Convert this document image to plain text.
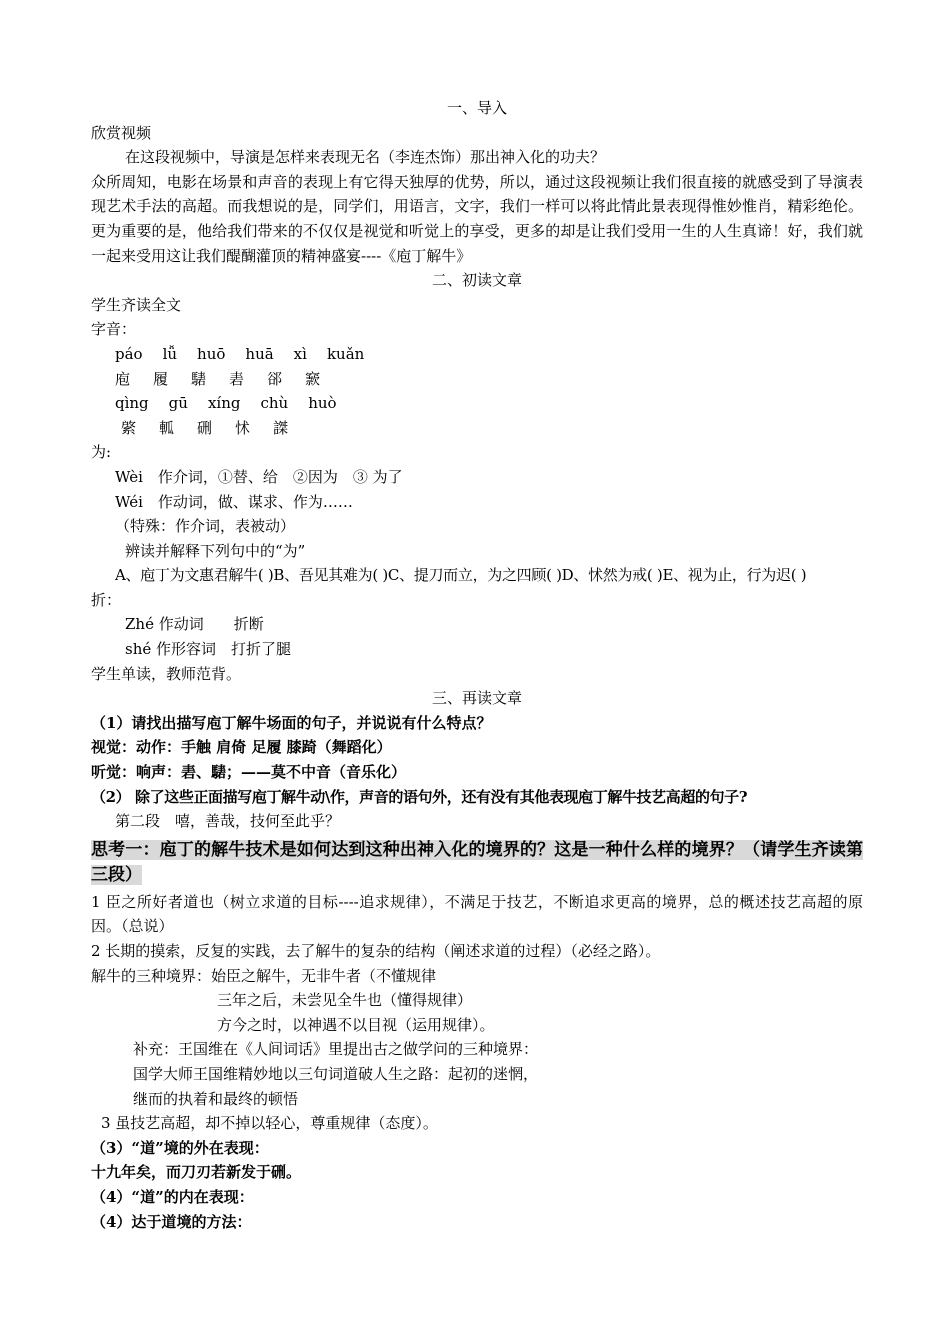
一、导入

欣赏视频

在这段视频中，导演是怎样来表现无名（李连杰饰）那出神入化的功夫？

众所周知，电影在场景和声音的表现上有它得天独厚的优势，所以，通过这段视频让我们很直接的就感受到了导演表现艺术手法的高超。而我想说的是，同学们，用语言，文字，我们一样可以将此情此景表现得惟妙惟肖，精彩绝伦。更为重要的是，他给我们带来的不仅仅是视觉和听觉上的享受，更多的却是让我们受用一生的人生真谛！好，我们就一起来受用这让我们醍醐灌顶的精神盛宴----《庖丁解牛》

二、初读文章

学生齐读全文

字音：

páo lǚ huō huā xì kuǎn

庖 履 騞 砉 郤 窾

qìng gū xíng chù huò

綮 軱 硎 怵 謋

为:

Wèi　作介词，①替、给　②因为　③ 为了

Wéi　作动词，做、谋求、作为……

（特殊：作介词，表被动）

辨读并解释下列句中的“为”

A、庖丁为文惠君解牛( )B、吾见其难为( )C、提刀而立，为之四顾( )D、怵然为戒( )E、视为止，行为迟( )

折：

Zhé 作动词　　折断

shé 作形容词　打折了腿

学生单读，教师范背。

三、再读文章

（1）请找出描写庖丁解牛场面的句子，并说说有什么特点？

视觉：动作：手触 肩倚 足履 膝踦（舞蹈化）

听觉：响声：砉、騞；——莫不中音（音乐化）

（2） 除了这些正面描写庖丁解牛动\作，声音的语句外，还有没有其他表现庖丁解牛技艺高超的句子?

第二段　嘻，善哉，技何至此乎？

思考一：庖丁的解牛技术是如何达到这种出神入化的境界的？这是一种什么样的境界？（请学生齐读第三段）

1 臣之所好者道也（树立求道的目标----追求规律），不满足于技艺，不断追求更高的境界，总的概述技艺高超的原因。（总说）

2 长期的摸索，反复的实践，去了解牛的复杂的结构（阐述求道的过程）（必经之路）。

解牛的三种境界：始臣之解牛，无非牛者（不懂规律

三年之后，未尝见全牛也（懂得规律）

方今之时，以神遇不以目视（运用规律）。

补充：王国维在《人间词话》里提出古之做学问的三种境界：

国学大师王国维精妙地以三句词道破人生之路：起初的迷惘，

继而的执着和最终的顿悟

3 虽技艺高超，却不掉以轻心，尊重规律（态度）。

（3）“道”境的外在表现：

十九年矣，而刀刃若新发于硎。

（4）“道”的内在表现：

（4）达于道境的方法：
